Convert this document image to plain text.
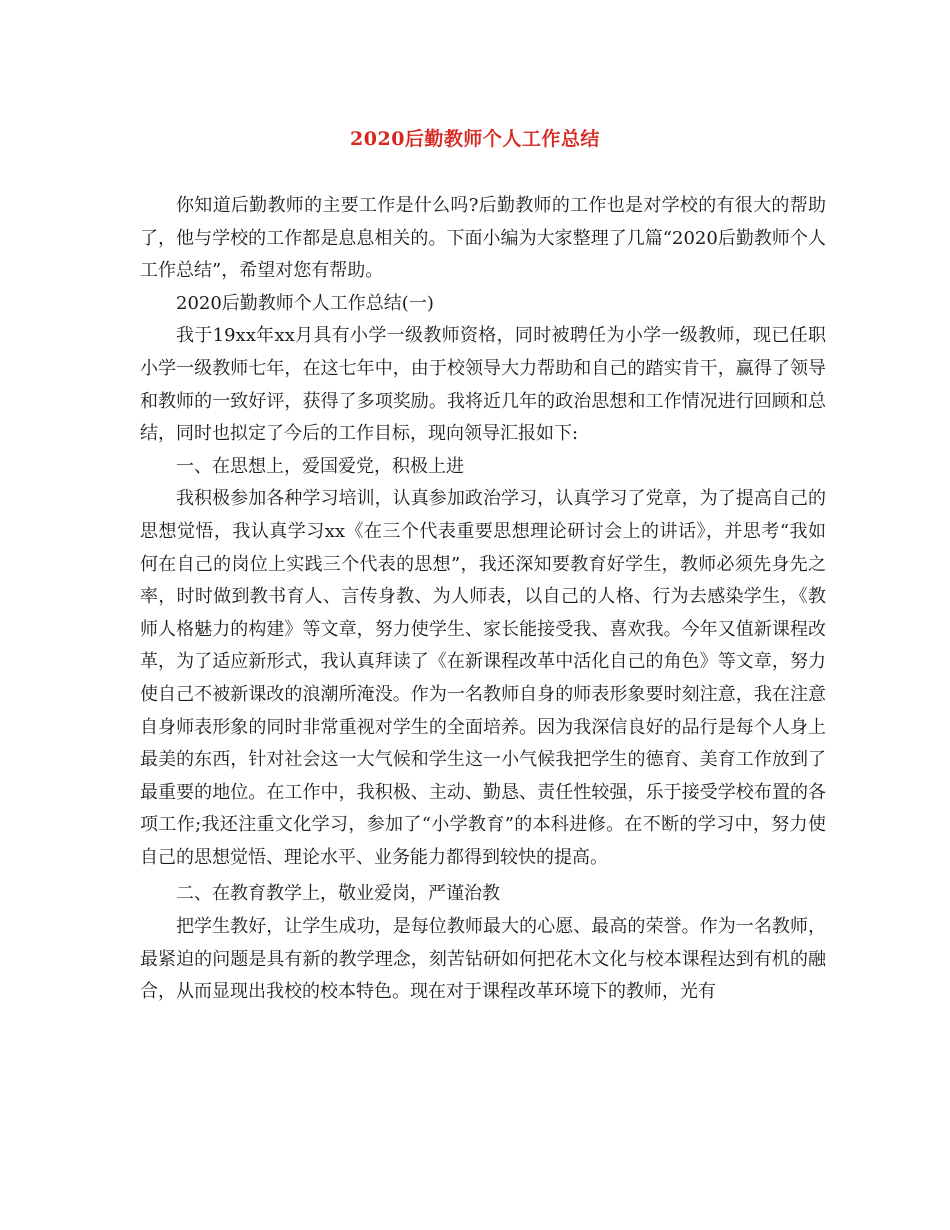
2020后勤教师个人工作总结

你知道后勤教师的主要工作是什么吗?后勤教师的工作也是对学校的有很大的帮助了，他与学校的工作都是息息相关的。下面小编为大家整理了几篇“2020后勤教师个人工作总结”，希望对您有帮助。

2020后勤教师个人工作总结(一)

我于19xx年xx月具有小学一级教师资格，同时被聘任为小学一级教师，现已任职小学一级教师七年，在这七年中，由于校领导大力帮助和自己的踏实肯干，赢得了领导和教师的一致好评，获得了多项奖励。我将近几年的政治思想和工作情况进行回顾和总结，同时也拟定了今后的工作目标，现向领导汇报如下:

一、在思想上，爱国爱党，积极上进

我积极参加各种学习培训，认真参加政治学习，认真学习了党章，为了提高自己的思想觉悟，我认真学习xx《在三个代表重要思想理论研讨会上的讲话》，并思考“我如何在自己的岗位上实践三个代表的思想”，我还深知要教育好学生，教师必须先身先之率，时时做到教书育人、言传身教、为人师表，以自己的人格、行为去感染学生，《教师人格魅力的构建》等文章，努力使学生、家长能接受我、喜欢我。今年又值新课程改革，为了适应新形式，我认真拜读了《在新课程改革中活化自己的角色》等文章，努力使自己不被新课改的浪潮所淹没。作为一名教师自身的师表形象要时刻注意，我在注意自身师表形象的同时非常重视对学生的全面培养。因为我深信良好的品行是每个人身上最美的东西，针对社会这一大气候和学生这一小气候我把学生的德育、美育工作放到了最重要的地位。在工作中，我积极、主动、勤恳、责任性较强，乐于接受学校布置的各项工作;我还注重文化学习，参加了“小学教育”的本科进修。在不断的学习中，努力使自己的思想觉悟、理论水平、业务能力都得到较快的提高。

二、在教育教学上，敬业爱岗，严谨治教

把学生教好，让学生成功，是每位教师最大的心愿、最高的荣誉。作为一名教师，最紧迫的问题是具有新的教学理念，刻苦钻研如何把花木文化与校本课程达到有机的融合，从而显现出我校的校本特色。现在对于课程改革环境下的教师，光有
